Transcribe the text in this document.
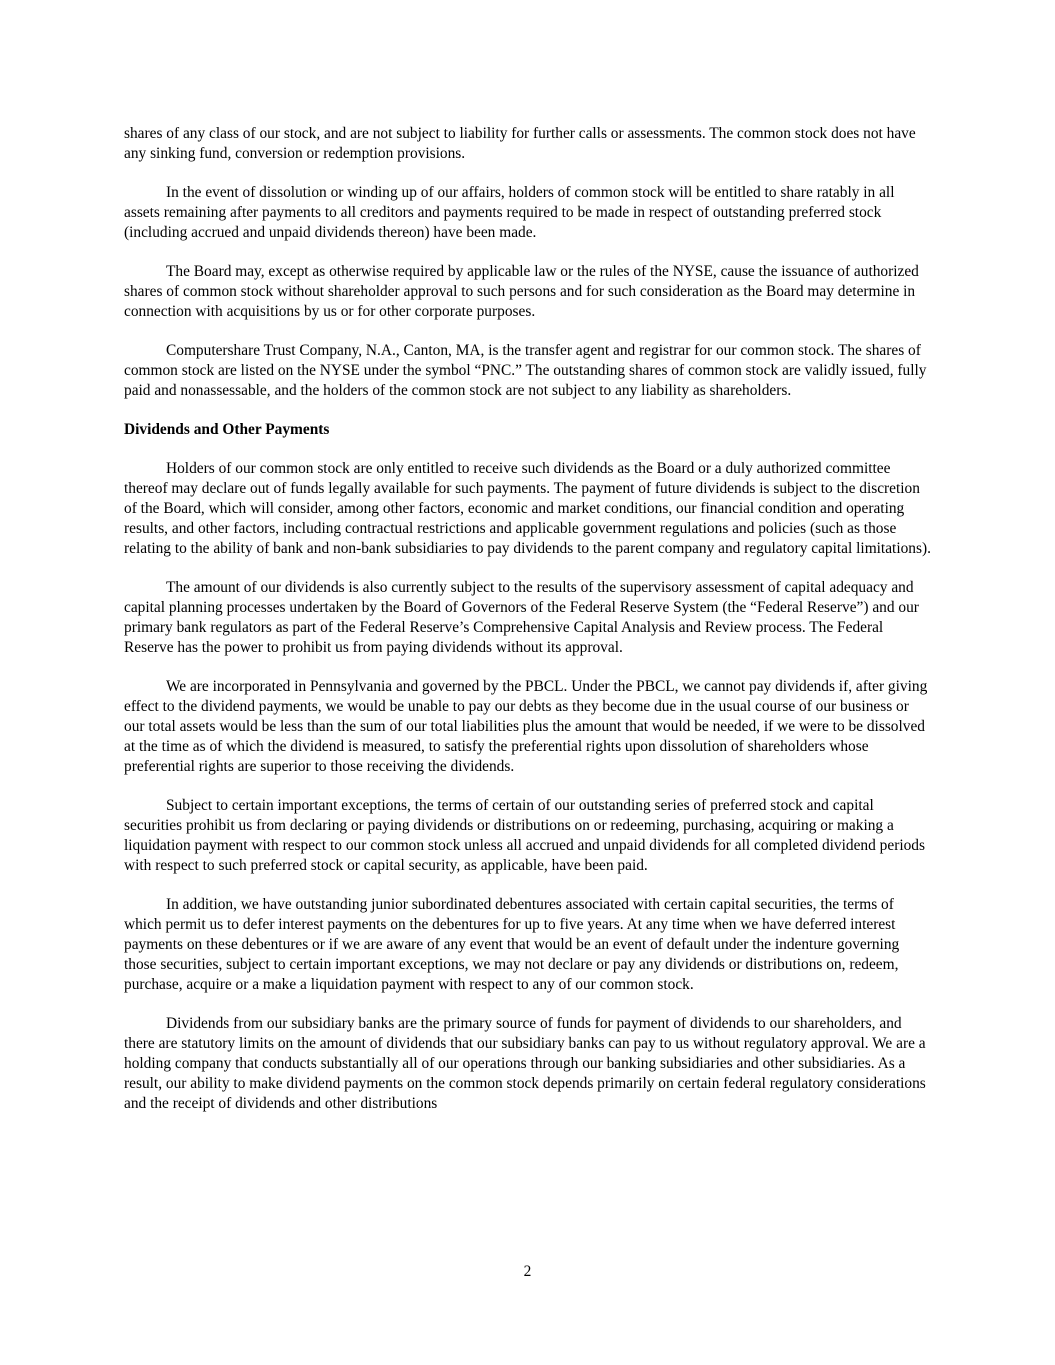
shares of any class of our stock, and are not subject to liability for further calls or assessments. The common stock does not have any sinking fund, conversion or redemption provisions.

In the event of dissolution or winding up of our affairs, holders of common stock will be entitled to share ratably in all assets remaining after payments to all creditors and payments required to be made in respect of outstanding preferred stock (including accrued and unpaid dividends thereon) have been made.

The Board may, except as otherwise required by applicable law or the rules of the NYSE, cause the issuance of authorized shares of common stock without shareholder approval to such persons and for such consideration as the Board may determine in connection with acquisitions by us or for other corporate purposes.

Computershare Trust Company, N.A., Canton, MA, is the transfer agent and registrar for our common stock. The shares of common stock are listed on the NYSE under the symbol “PNC.” The outstanding shares of common stock are validly issued, fully paid and nonassessable, and the holders of the common stock are not subject to any liability as shareholders.

Dividends and Other Payments

Holders of our common stock are only entitled to receive such dividends as the Board or a duly authorized committee thereof may declare out of funds legally available for such payments. The payment of future dividends is subject to the discretion of the Board, which will consider, among other factors, economic and market conditions, our financial condition and operating results, and other factors, including contractual restrictions and applicable government regulations and policies (such as those relating to the ability of bank and non-bank subsidiaries to pay dividends to the parent company and regulatory capital limitations).

The amount of our dividends is also currently subject to the results of the supervisory assessment of capital adequacy and capital planning processes undertaken by the Board of Governors of the Federal Reserve System (the “Federal Reserve”) and our primary bank regulators as part of the Federal Reserve’s Comprehensive Capital Analysis and Review process. The Federal Reserve has the power to prohibit us from paying dividends without its approval.

We are incorporated in Pennsylvania and governed by the PBCL. Under the PBCL, we cannot pay dividends if, after giving effect to the dividend payments, we would be unable to pay our debts as they become due in the usual course of our business or our total assets would be less than the sum of our total liabilities plus the amount that would be needed, if we were to be dissolved at the time as of which the dividend is measured, to satisfy the preferential rights upon dissolution of shareholders whose preferential rights are superior to those receiving the dividends.

Subject to certain important exceptions, the terms of certain of our outstanding series of preferred stock and capital securities prohibit us from declaring or paying dividends or distributions on or redeeming, purchasing, acquiring or making a liquidation payment with respect to our common stock unless all accrued and unpaid dividends for all completed dividend periods with respect to such preferred stock or capital security, as applicable, have been paid.

In addition, we have outstanding junior subordinated debentures associated with certain capital securities, the terms of which permit us to defer interest payments on the debentures for up to five years. At any time when we have deferred interest payments on these debentures or if we are aware of any event that would be an event of default under the indenture governing those securities, subject to certain important exceptions, we may not declare or pay any dividends or distributions on, redeem, purchase, acquire or a make a liquidation payment with respect to any of our common stock.

Dividends from our subsidiary banks are the primary source of funds for payment of dividends to our shareholders, and there are statutory limits on the amount of dividends that our subsidiary banks can pay to us without regulatory approval. We are a holding company that conducts substantially all of our operations through our banking subsidiaries and other subsidiaries. As a result, our ability to make dividend payments on the common stock depends primarily on certain federal regulatory considerations and the receipt of dividends and other distributions

2
